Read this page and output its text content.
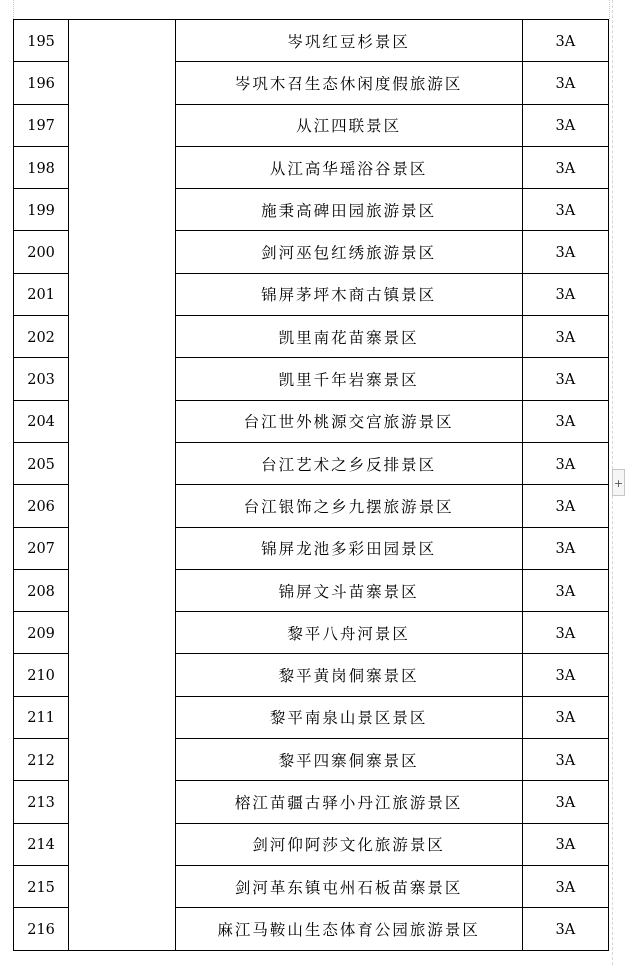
195		岑巩红豆杉景区	3A
196		岑巩木召生态休闲度假旅游区	3A
197		从江四联景区	3A
198		从江高华瑶浴谷景区	3A
199		施秉高碑田园旅游景区	3A
200		剑河巫包红绣旅游景区	3A
201		锦屏茅坪木商古镇景区	3A
202		凯里南花苗寨景区	3A
203		凯里千年岩寨景区	3A
204		台江世外桃源交宫旅游景区	3A
205		台江艺术之乡反排景区	3A
206		台江银饰之乡九摆旅游景区	3A
207		锦屏龙池多彩田园景区	3A
208		锦屏文斗苗寨景区	3A
209		黎平八舟河景区	3A
210		黎平黄岗侗寨景区	3A
211		黎平南泉山景区景区	3A
212		黎平四寨侗寨景区	3A
213		榕江苗疆古驿小丹江旅游景区	3A
214		剑河仰阿莎文化旅游景区	3A
215		剑河革东镇屯州石板苗寨景区	3A
216		麻江马鞍山生态体育公园旅游景区	3A
+
